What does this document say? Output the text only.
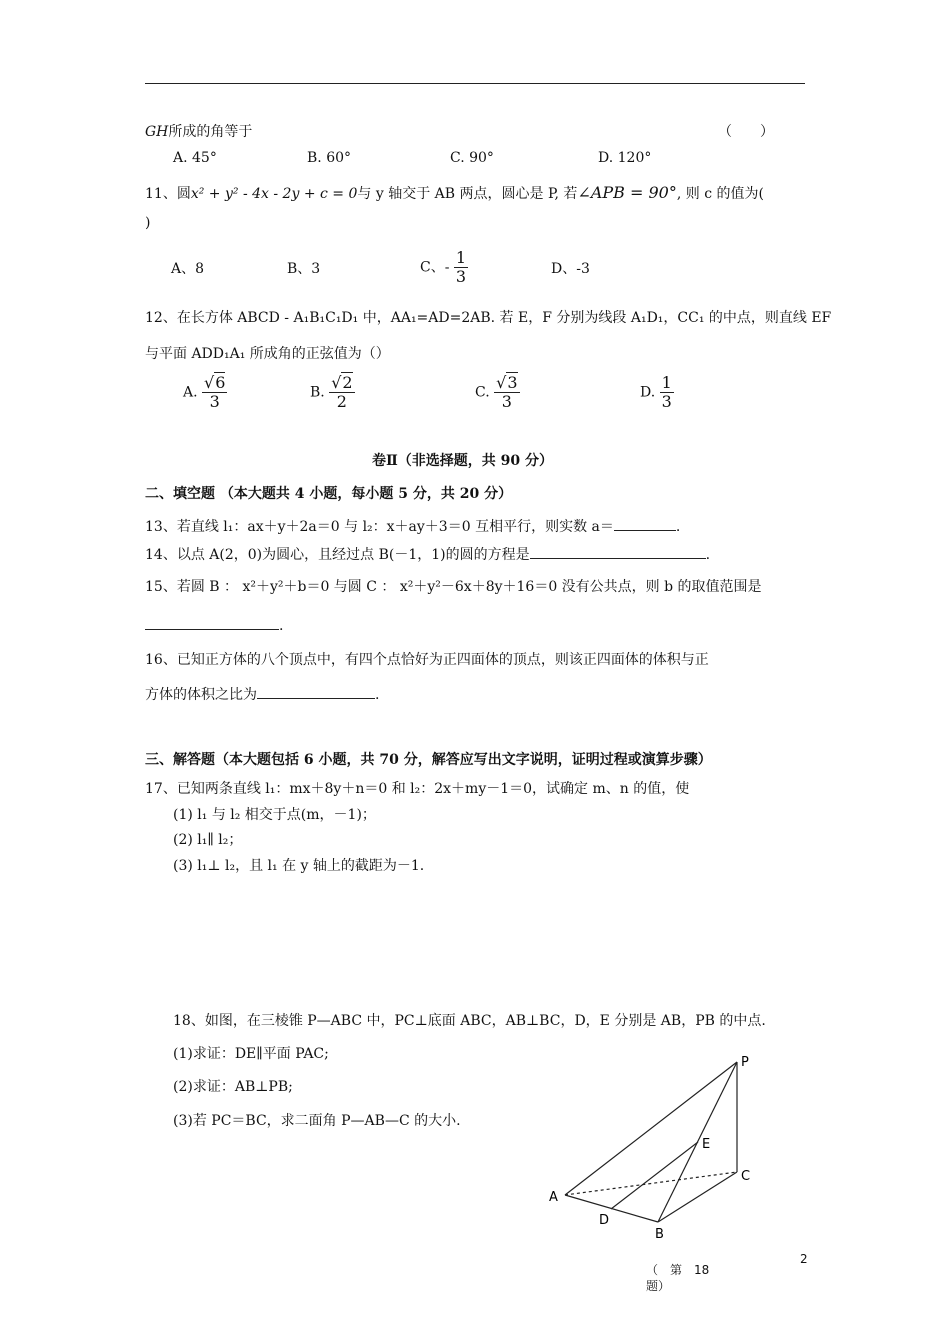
GH所成的角等于	（　　）
A. 45°	B. 60°	C. 90°	D. 120°
11、圆x² + y² - 4x - 2y + c = 0与 y 轴交于 AB 两点，圆心是 P, 若∠APB = 90°, 则 c 的值为(
)
A、8	B、3	C、- $\frac{1}{3}$	D、-3
12、在长方体 ABCD - A₁B₁C₁D₁ 中，AA₁=AD=2AB. 若 E，F 分别为线段 A₁D₁，CC₁ 的中点，则直线 EF
与平面 ADD₁A₁ 所成角的正弦值为（）
A. $\frac{√6}{3}$	B. $\frac{√2}{2}$	C. $\frac{√3}{3}$	D. $\frac{1}{3}$
卷Ⅱ（非选择题，共 90 分）
二、填空题 （本大题共 4 小题，每小题 5 分，共 20 分）
13、若直线 l₁：ax＋y＋2a＝0 与 l₂：x＋ay＋3＝0 互相平行，则实数 a＝	.
14、以点 A(2，0)为圆心，且经过点 B(－1，1)的圆的方程是	.
15、若圆 B ： x²＋y²＋b＝0 与圆 C ： x²＋y²－6x＋8y＋16＝0 没有公共点，则 b 的取值范围是
.
16、已知正方体的八个顶点中，有四个点恰好为正四面体的顶点，则该正四面体的体积与正
方体的体积之比为	.
三、解答题（本大题包括 6 小题，共 70 分，解答应写出文字说明，证明过程或演算步骤）
17、已知两条直线 l₁：mx＋8y＋n＝0 和 l₂：2x＋my－1＝0，试确定 m、n 的值，使
(1) l₁ 与 l₂ 相交于点(m，－1)；
(2) l₁∥ l₂；
(3) l₁⊥ l₂，且 l₁ 在 y 轴上的截距为－1.
18、如图，在三棱锥 P—ABC 中，PC⊥底面 ABC，AB⊥BC，D，E 分别是 AB，PB 的中点.
(1)求证：DE∥平面 PAC;
(2)求证：AB⊥PB;
(3)若 PC＝BC，求二面角 P—AB—C 的大小.
P
E
C
A
D
B
（　第　18 题）
2
